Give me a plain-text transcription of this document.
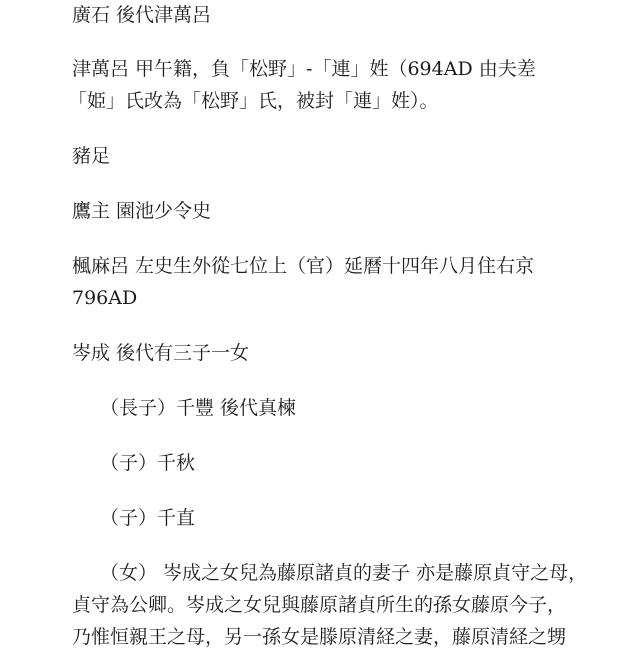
廣石 後代津萬呂
津萬呂 甲午籍，負「松野」-「連」姓（694AD 由夫差
「姫」氏改為「松野」氏，被封「連」姓）。
豬足
鷹主 園池少令史
楓麻呂 左史生外從七位上（官）延曆十四年八月住右京
796AD
岑成 後代有三子一女
（長子）千豐 後代真楝
（子）千秋
（子）千直
（女） 岑成之女兒為藤原諸貞的妻子 亦是藤原貞守之母，
貞守為公卿。岑成之女兒與藤原諸貞所生的孫女藤原今子，
乃惟恒親王之母，另一孫女是滕原清経之妻，藤原清経之甥
